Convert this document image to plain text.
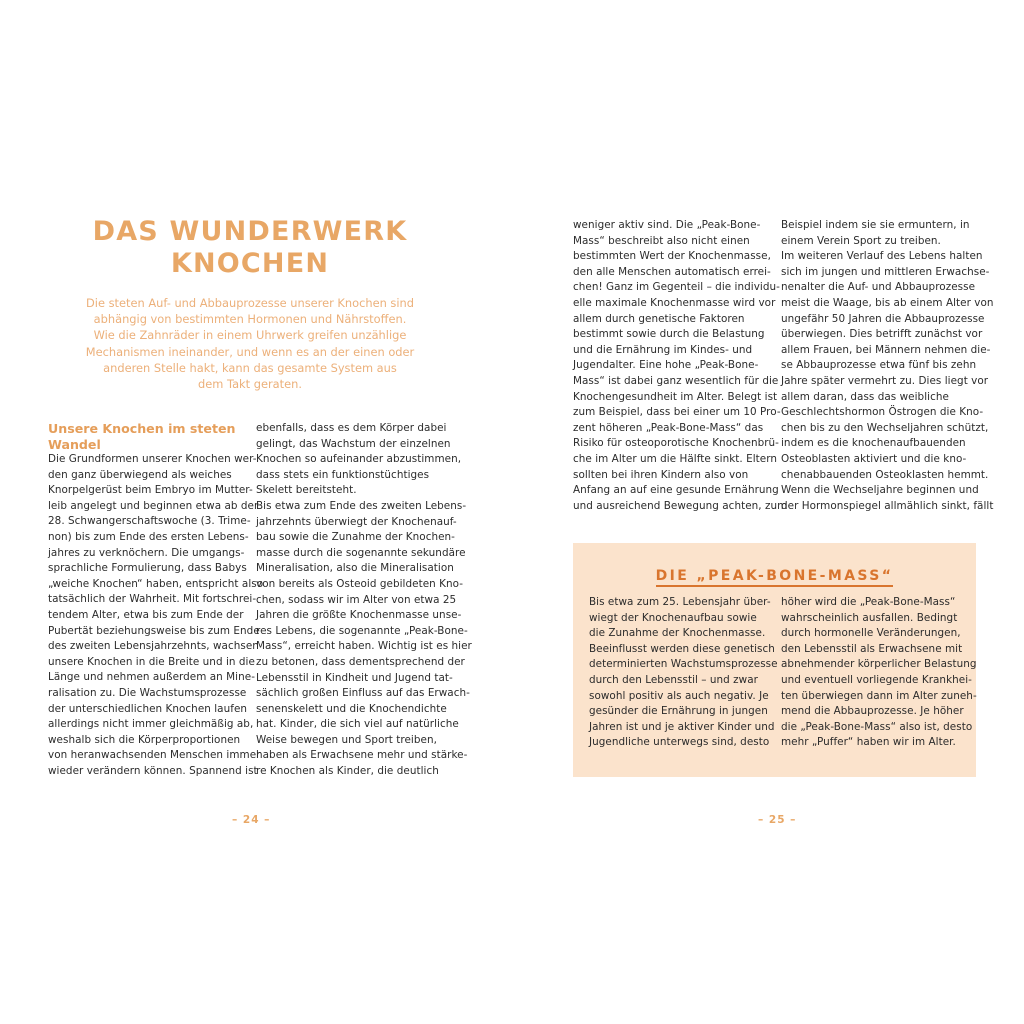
DAS WUNDERWERK
KNOCHEN
Die steten Auf- und Abbauprozesse unserer Knochen sind
abhängig von bestimmten Hormonen und Nährstoffen.
Wie die Zahnräder in einem Uhrwerk greifen unzählige
Mechanismen ineinander, und wenn es an der einen oder
anderen Stelle hakt, kann das gesamte System aus
dem Takt geraten.
Unsere Knochen im steten
Wandel
Die Grundformen unserer Knochen wer-
den ganz überwiegend als weiches
Knorpelgerüst beim Embryo im Mutter-
leib angelegt und beginnen etwa ab der
28. Schwangerschaftswoche (3. Trime-
non) bis zum Ende des ersten Lebens-
jahres zu verknöchern. Die umgangs-
sprachliche Formulierung, dass Babys
„weiche Knochen“ haben, entspricht also
tatsächlich der Wahrheit. Mit fortschrei-
tendem Alter, etwa bis zum Ende der
Pubertät beziehungsweise bis zum Ende
des zweiten Lebensjahrzehnts, wachsen
unsere Knochen in die Breite und in die
Länge und nehmen außerdem an Mine-
ralisation zu. Die Wachstumsprozesse
der unterschiedlichen Knochen laufen
allerdings nicht immer gleichmäßig ab,
weshalb sich die Körperproportionen
von heranwachsenden Menschen immer
wieder verändern können. Spannend ist
ebenfalls, dass es dem Körper dabei
gelingt, das Wachstum der einzelnen
Knochen so aufeinander abzustimmen,
dass stets ein funktionstüchtiges
Skelett bereitsteht.
Bis etwa zum Ende des zweiten Lebens-
jahrzehnts überwiegt der Knochenauf-
bau sowie die Zunahme der Knochen-
masse durch die sogenannte sekundäre
Mineralisation, also die Mineralisation
von bereits als Osteoid gebildeten Kno-
chen, sodass wir im Alter von etwa 25
Jahren die größte Knochenmasse unse-
res Lebens, die sogenannte „Peak-Bone-
Mass“, erreicht haben. Wichtig ist es hier
zu betonen, dass dementsprechend der
Lebensstil in Kindheit und Jugend tat-
sächlich großen Einfluss auf das Erwach-
senenskelett und die Knochendichte
hat. Kinder, die sich viel auf natürliche
Weise bewegen und Sport treiben,
haben als Erwachsene mehr und stärke-
re Knochen als Kinder, die deutlich
– 24 –
weniger aktiv sind. Die „Peak-Bone-
Mass“ beschreibt also nicht einen
bestimmten Wert der Knochenmasse,
den alle Menschen automatisch errei-
chen! Ganz im Gegenteil – die individu-
elle maximale Knochenmasse wird vor
allem durch genetische Faktoren
bestimmt sowie durch die Belastung
und die Ernährung im Kindes- und
Jugendalter. Eine hohe „Peak-Bone-
Mass“ ist dabei ganz wesentlich für die
Knochengesundheit im Alter. Belegt ist
zum Beispiel, dass bei einer um 10 Pro-
zent höheren „Peak-Bone-Mass“ das
Risiko für osteoporotische Knochenbrü-
che im Alter um die Hälfte sinkt. Eltern
sollten bei ihren Kindern also von
Anfang an auf eine gesunde Ernährung
und ausreichend Bewegung achten, zum
Beispiel indem sie sie ermuntern, in
einem Verein Sport zu treiben.
Im weiteren Verlauf des Lebens halten
sich im jungen und mittleren Erwachse-
nenalter die Auf- und Abbauprozesse
meist die Waage, bis ab einem Alter von
ungefähr 50 Jahren die Abbauprozesse
überwiegen. Dies betrifft zunächst vor
allem Frauen, bei Männern nehmen die-
se Abbauprozesse etwa fünf bis zehn
Jahre später vermehrt zu. Dies liegt vor
allem daran, dass das weibliche
Geschlechtshormon Östrogen die Kno-
chen bis zu den Wechseljahren schützt,
indem es die knochenaufbauenden
Osteoblasten aktiviert und die kno-
chenabbauenden Osteoklasten hemmt.
Wenn die Wechseljahre beginnen und
der Hormonspiegel allmählich sinkt, fällt
DIE „PEAK-BONE-MASS“
Bis etwa zum 25. Lebensjahr über-
wiegt der Knochenaufbau sowie
die Zunahme der Knochenmasse.
Beeinflusst werden diese genetisch
determinierten Wachstumsprozesse
durch den Lebensstil – und zwar
sowohl positiv als auch negativ. Je
gesünder die Ernährung in jungen
Jahren ist und je aktiver Kinder und
Jugendliche unterwegs sind, desto
höher wird die „Peak-Bone-Mass“
wahrscheinlich ausfallen. Bedingt
durch hormonelle Veränderungen,
den Lebensstil als Erwachsene mit
abnehmender körperlicher Belastung
und eventuell vorliegende Krankhei-
ten überwiegen dann im Alter zuneh-
mend die Abbauprozesse. Je höher
die „Peak-Bone-Mass“ also ist, desto
mehr „Puffer“ haben wir im Alter.
– 25 –
